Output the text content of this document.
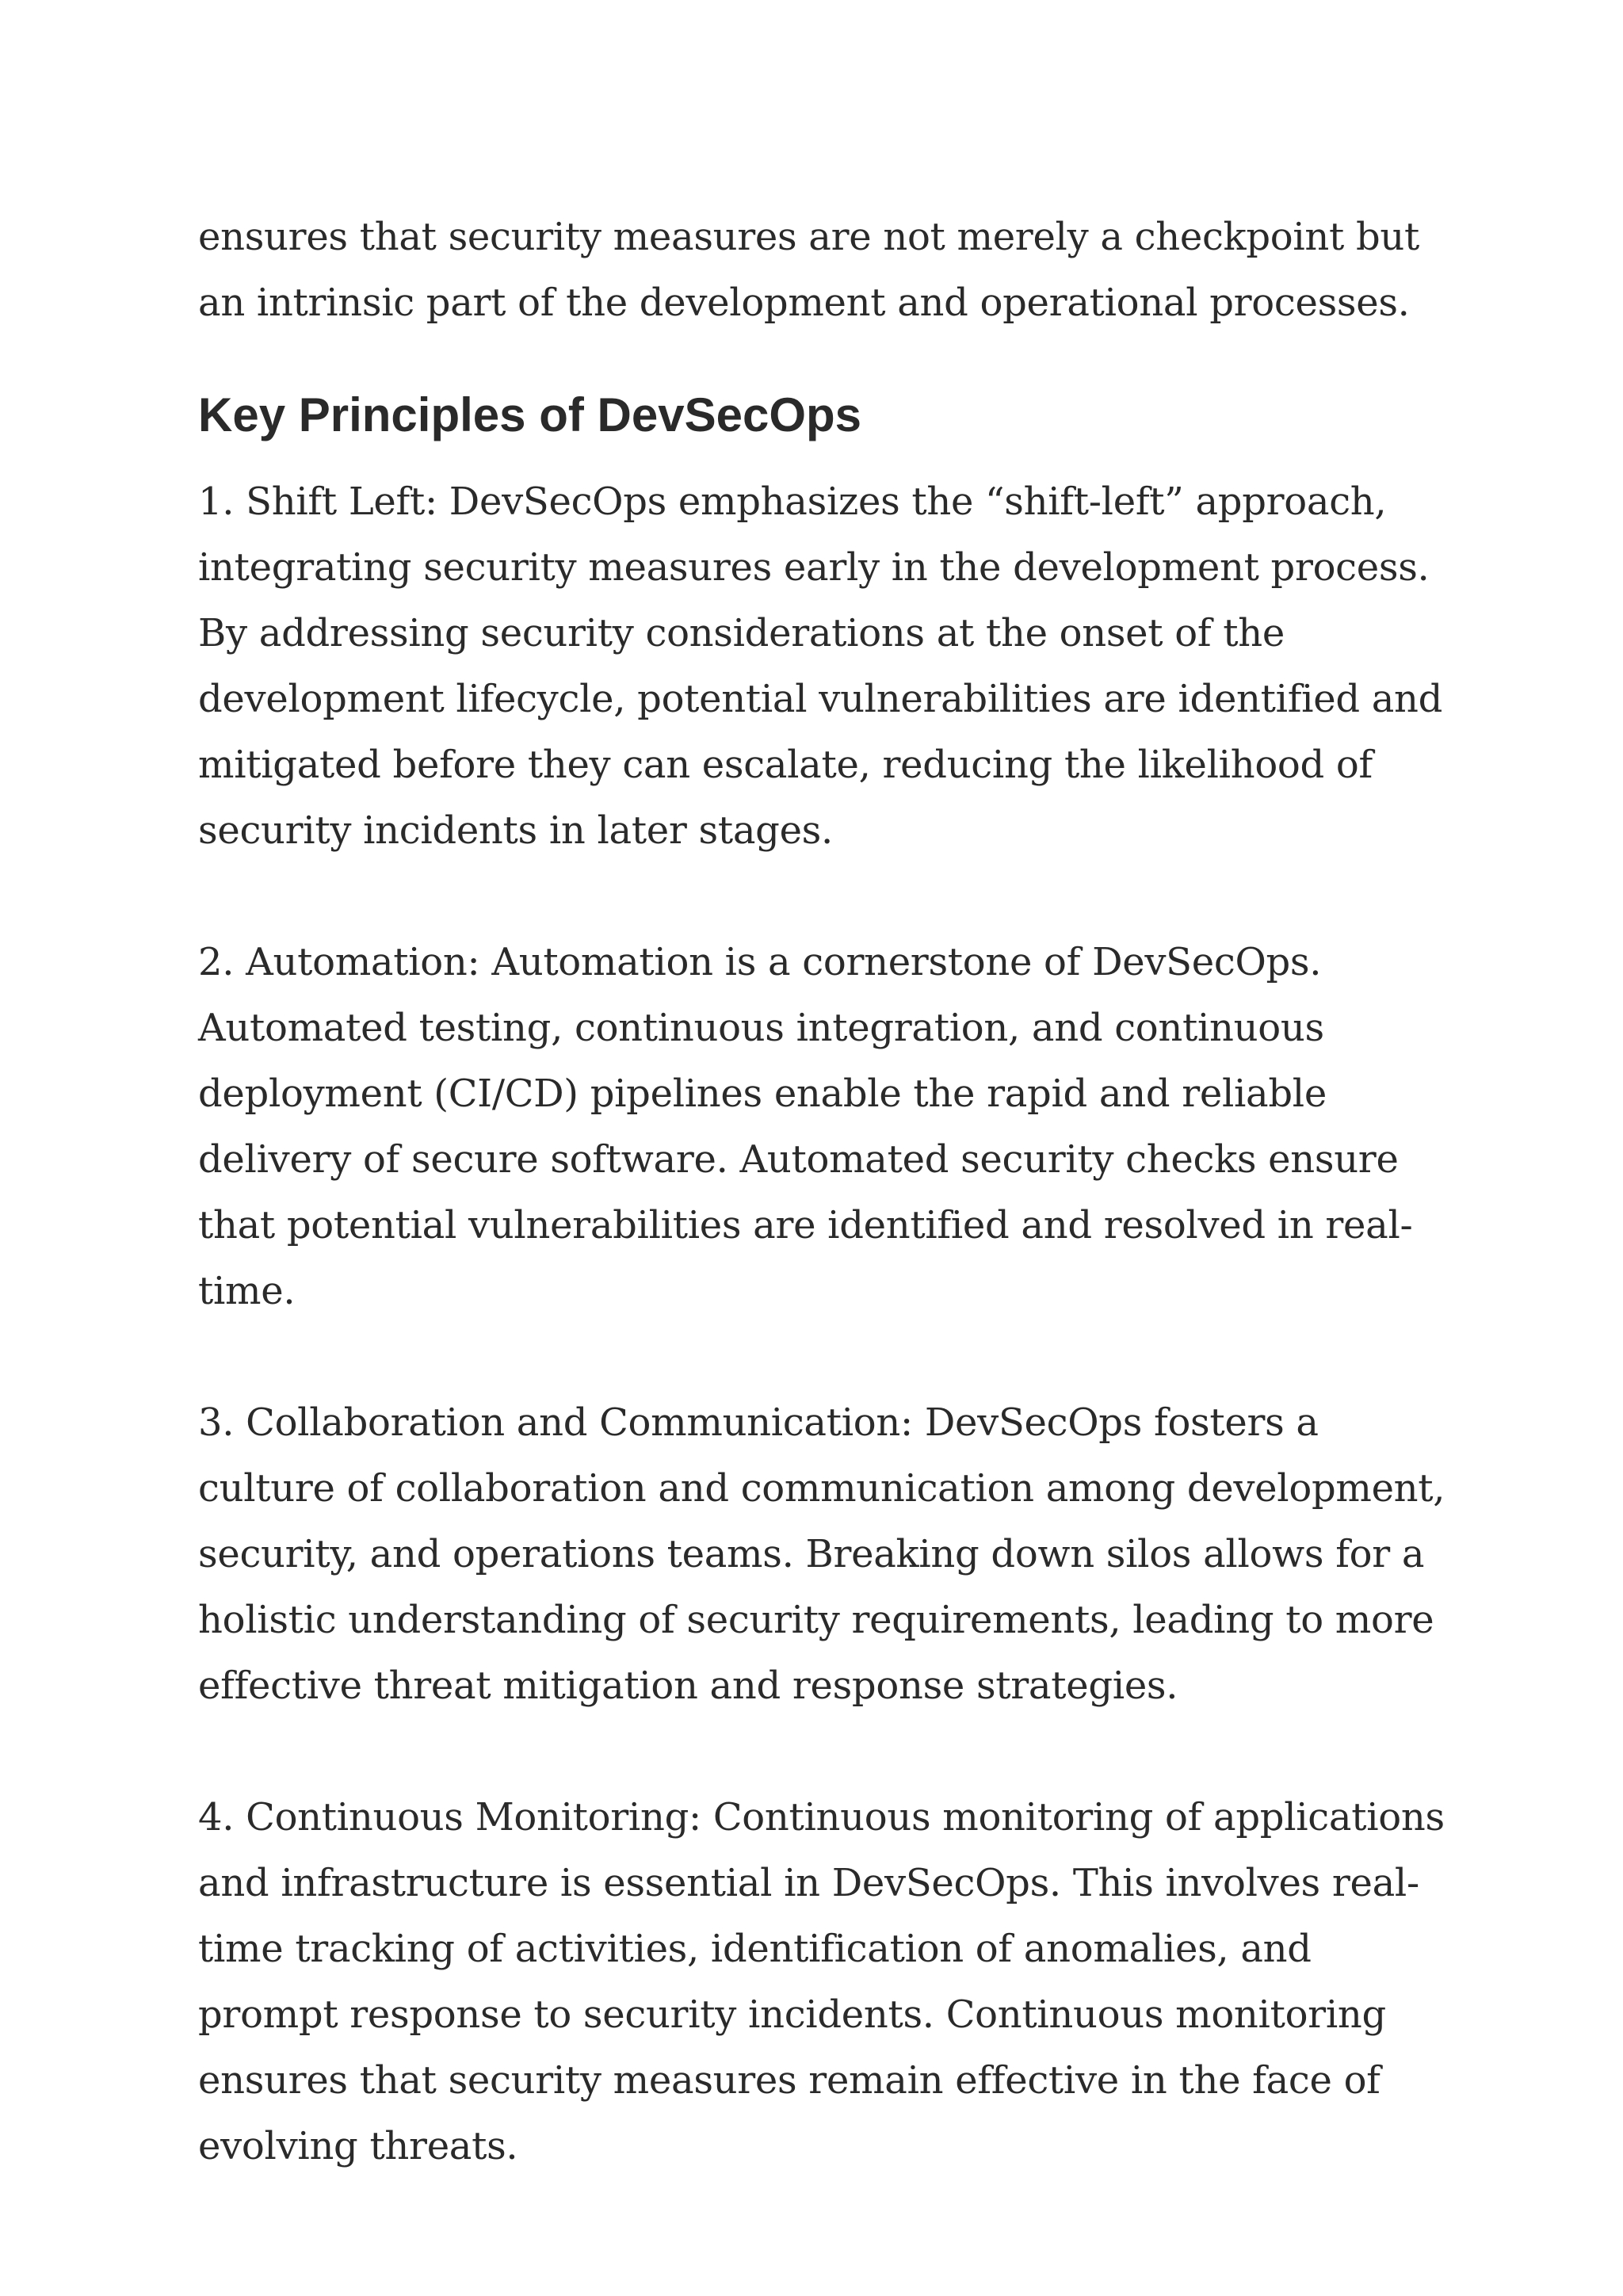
ensures that security measures are not merely a checkpoint but an intrinsic part of the development and operational processes.

Key Principles of DevSecOps

1. Shift Left: DevSecOps emphasizes the “shift-left” approach, integrating security measures early in the development process. By addressing security considerations at the onset of the development lifecycle, potential vulnerabilities are identified and mitigated before they can escalate, reducing the likelihood of security incidents in later stages.

2. Automation: Automation is a cornerstone of DevSecOps. Automated testing, continuous integration, and continuous deployment (CI/CD) pipelines enable the rapid and reliable delivery of secure software. Automated security checks ensure that potential vulnerabilities are identified and resolved in real-time.

3. Collaboration and Communication: DevSecOps fosters a culture of collaboration and communication among development, security, and operations teams. Breaking down silos allows for a holistic understanding of security requirements, leading to more effective threat mitigation and response strategies.

4. Continuous Monitoring: Continuous monitoring of applications and infrastructure is essential in DevSecOps. This involves real-time tracking of activities, identification of anomalies, and prompt response to security incidents. Continuous monitoring ensures that security measures remain effective in the face of evolving threats.
